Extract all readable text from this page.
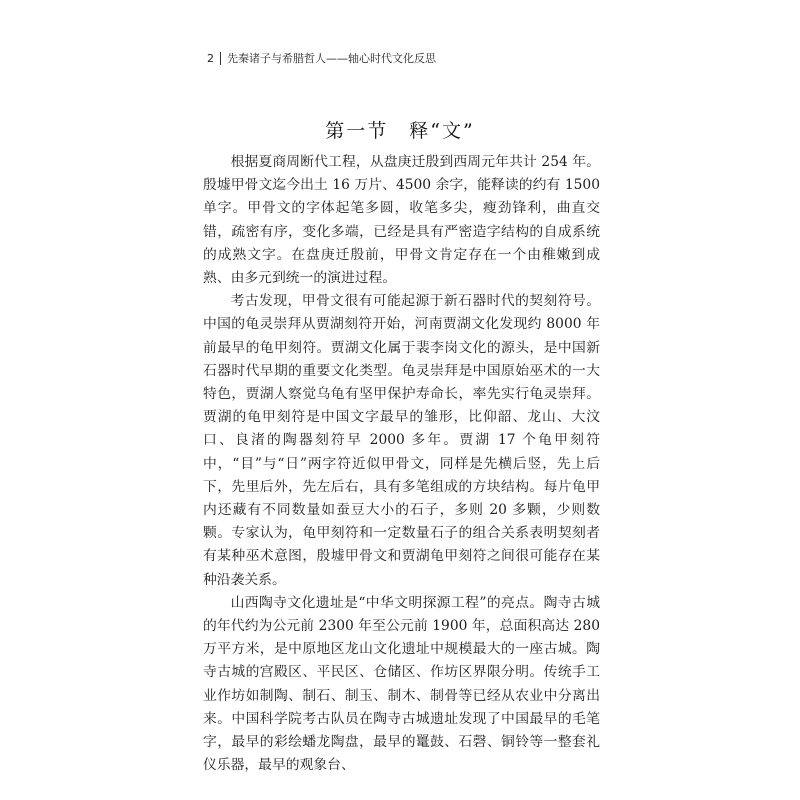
2 先秦诸子与希腊哲人——轴心时代文化反思
第一节　释“文”

根据夏商周断代工程，从盘庚迁殷到西周元年共计 254 年。殷墟甲骨文迄今出土 16 万片、4500 余字，能释读的约有 1500 单字。甲骨文的字体起笔多圆，收笔多尖，瘦劲锋利，曲直交错，疏密有序，变化多端，已经是具有严密造字结构的自成系统的成熟文字。在盘庚迁殷前，甲骨文肯定存在一个由稚嫩到成熟、由多元到统一的演进过程。

考古发现，甲骨文很有可能起源于新石器时代的契刻符号。中国的龟灵崇拜从贾湖刻符开始，河南贾湖文化发现约 8000 年前最早的龟甲刻符。贾湖文化属于裴李岗文化的源头，是中国新石器时代早期的重要文化类型。龟灵崇拜是中国原始巫术的一大特色，贾湖人察觉乌龟有坚甲保护寿命长，率先实行龟灵崇拜。贾湖的龟甲刻符是中国文字最早的雏形，比仰韶、龙山、大汶口、良渚的陶器刻符早 2000 多年。贾湖 17 个龟甲刻符中，“目”与“日”两字符近似甲骨文，同样是先横后竖，先上后下，先里后外，先左后右，具有多笔组成的方块结构。每片龟甲内还藏有不同数量如蚕豆大小的石子，多则 20 多颗，少则数颗。专家认为，龟甲刻符和一定数量石子的组合关系表明契刻者有某种巫术意图，殷墟甲骨文和贾湖龟甲刻符之间很可能存在某种沿袭关系。

山西陶寺文化遗址是“中华文明探源工程”的亮点。陶寺古城的年代约为公元前 2300 年至公元前 1900 年，总面积高达 280 万平方米，是中原地区龙山文化遗址中规模最大的一座古城。陶寺古城的宫殿区、平民区、仓储区、作坊区界限分明。传统手工业作坊如制陶、制石、制玉、制木、制骨等已经从农业中分离出来。中国科学院考古队员在陶寺古城遗址发现了中国最早的毛笔字，最早的彩绘蟠龙陶盘，最早的鼍鼓、石磬、铜铃等一整套礼仪乐器，最早的观象台、
